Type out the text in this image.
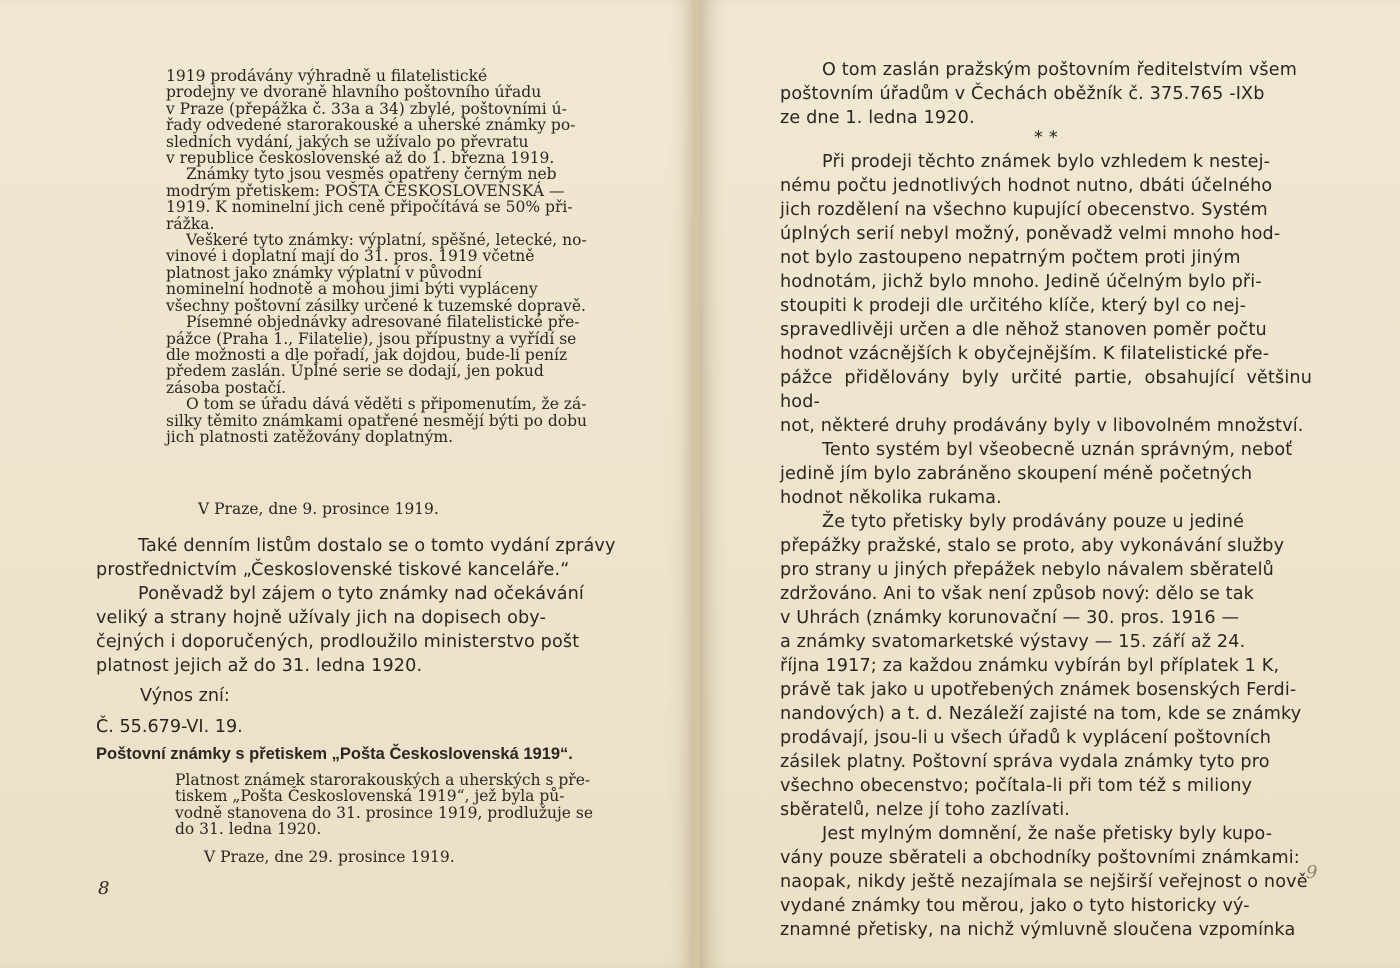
1919 prodávány výhradně u filatelistické
prodejny ve dvoraně hlavního poštovního úřadu
v Praze (přepážka č. 33a a 34) zbylé, poštovními ú-
řady odvedené starorakouské a uherské známky po-
sledních vydání, jakých se užívalo po převratu
v republice československé až do 1. března 1919.

Známky tyto jsou vesměs opatřeny černým neb
modrým přetiskem: POŠTA ČESKOSLOVENSKÁ —
1919. K nominelní jich ceně připočítává se 50% při-
rážka.

Veškeré tyto známky: výplatní, spěšné, letecké, no-
vinové i doplatní mají do 31. pros. 1919 včetně
platnost jako známky výplatní v původní
nominelní hodnotě a mohou jimi býti vypláceny
všechny poštovní zásilky určené k tuzemské dopravě.

Písemné objednávky adresované filatelistické pře-
pážce (Praha 1., Filatelie), jsou přípustny a vyřídí se
dle možnosti a dle pořadí, jak dojdou, bude-li peníz
předem zaslán. Úplné serie se dodají, jen pokud
zásoba postačí.

O tom se úřadu dává věděti s připomenutím, že zá-
silky těmito známkami opatřené nesmějí býti po dobu
jich platnosti zatěžovány doplatným.

V Praze, dne 9. prosince 1919.

Také denním listům dostalo se o tomto vydání zprávy
prostřednictvím „Československé tiskové kanceláře.“

Poněvadž byl zájem o tyto známky nad očekávání
veliký a strany hojně užívaly jich na dopisech oby-
čejných i doporučených, prodloužilo ministerstvo pošt
platnost jejich až do 31. ledna 1920.

Výnos zní:
Č. 55.679-VI. 19.
Poštovní známky s přetiskem „Pošta Československá 1919“.

Platnost známek starorakouských a uherských s pře-
tiskem „Pošta Československá 1919“, jež byla pů-
vodně stanovena do 31. prosince 1919, prodlužuje se
do 31. ledna 1920.

V Praze, dne 29. prosince 1919.
8

O tom zaslán pražským poštovním ředitelstvím všem
poštovním úřadům v Čechách oběžník č. 375.765 -IXb
ze dne 1. ledna 1920.

* *

Při prodeji těchto známek bylo vzhledem k nestej-
nému počtu jednotlivých hodnot nutno, dbáti účelného
jich rozdělení na všechno kupující obecenstvo. Systém
úplných serií nebyl možný, poněvadž velmi mnoho hod-
not bylo zastoupeno nepatrným počtem proti jiným
hodnotám, jichž bylo mnoho. Jedině účelným bylo při-
stoupiti k prodeji dle určitého klíče, který byl co nej-
spravedlivěji určen a dle něhož stanoven poměr počtu
hodnot vzácnějších k obyčejnějším. K filatelistické pře-
pážce přidělovány byly určité partie, obsahující většinu hod-
not, některé druhy prodávány byly v libovolném množství.

Tento systém byl všeobecně uznán správným, neboť
jedině jím bylo zabráněno skoupení méně početných
hodnot několika rukama.

Že tyto přetisky byly prodávány pouze u jediné
přepážky pražské, stalo se proto, aby vykonávání služby
pro strany u jiných přepážek nebylo návalem sběratelů
zdržováno. Ani to však není způsob nový: dělo se tak
v Uhrách (známky korunovační — 30. pros. 1916 —
a známky svatomarketské výstavy — 15. září až 24.
října 1917; za každou známku vybírán byl příplatek 1 K,
právě tak jako u upotřebených známek bosenských Ferdi-
nandových) a t. d. Nezáleží zajisté na tom, kde se známky
prodávají, jsou-li u všech úřadů k vyplácení poštovních
zásilek platny. Poštovní správa vydala známky tyto pro
všechno obecenstvo; počítala-li při tom též s miliony
sběratelů, nelze jí toho zazlívati.

Jest mylným domnění, že naše přetisky byly kupo-
vány pouze sběrateli a obchodníky poštovními známkami:
naopak, nikdy ještě nezajímala se nejširší veřejnost o nově
vydané známky tou měrou, jako o tyto historicky vý-
znamné přetisky, na nichž výmluvně sloučena vzpomínka

9
